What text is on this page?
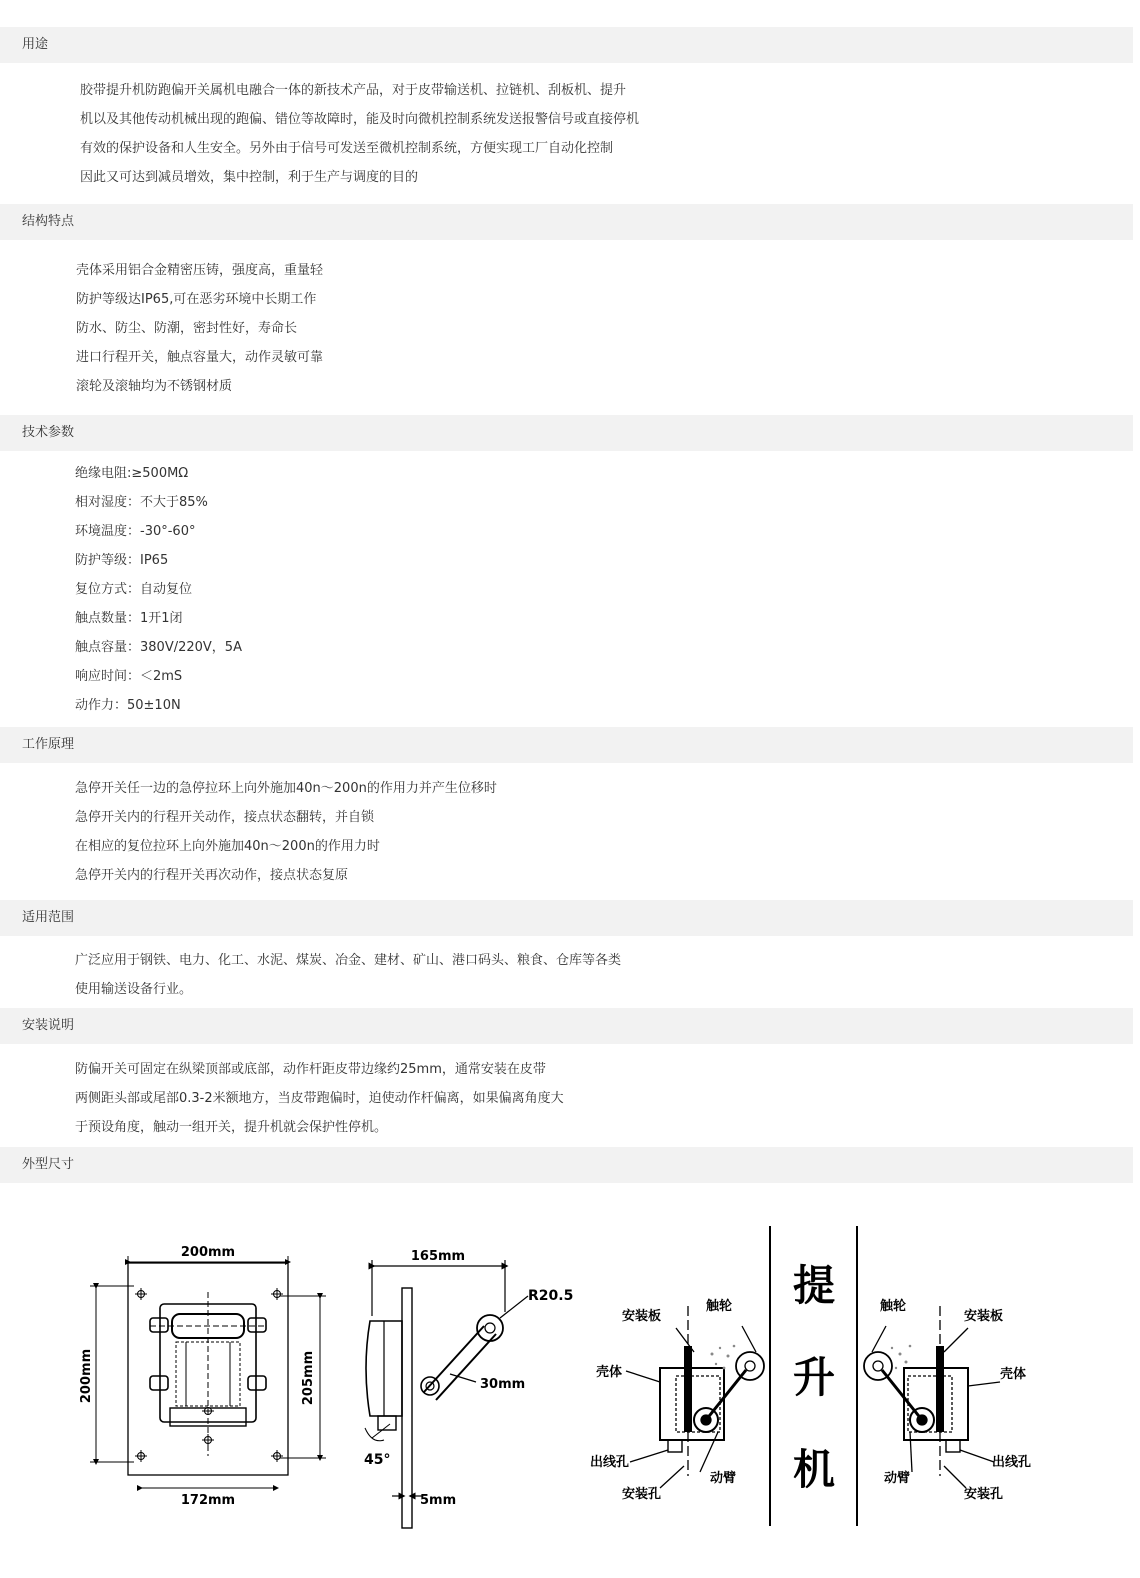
用途
胶带提升机防跑偏开关属机电融合一体的新技术产品，对于皮带输送机、拉链机、刮板机、提升
机以及其他传动机械出现的跑偏、错位等故障时，能及时向微机控制系统发送报警信号或直接停机
有效的保护设备和人生安全。另外由于信号可发送至微机控制系统，方便实现工厂自动化控制
因此又可达到减员增效，集中控制，利于生产与调度的目的
结构特点
壳体采用铝合金精密压铸，强度高，重量轻
防护等级达IP65,可在恶劣环境中长期工作
防水、防尘、防潮，密封性好，寿命长
进口行程开关，触点容量大，动作灵敏可靠
滚轮及滚轴均为不锈钢材质
技术参数
绝缘电阻:≥500MΩ
相对湿度：不大于85%
环境温度：-30°-60°
防护等级：IP65
复位方式：自动复位
触点数量：1开1闭
触点容量：380V/220V，5A
响应时间：＜2mS
动作力：50±10N
工作原理
急停开关任一边的急停拉环上向外施加40n～200n的作用力并产生位移时
急停开关内的行程开关动作，接点状态翻转，并自锁
在相应的复位拉环上向外施加40n～200n的作用力时
急停开关内的行程开关再次动作，接点状态复原
适用范围
广泛应用于钢铁、电力、化工、水泥、煤炭、冶金、建材、矿山、港口码头、粮食、仓库等各类
使用输送设备行业。
安装说明
防偏开关可固定在纵梁顶部或底部，动作杆距皮带边缘约25mm，通常安装在皮带
两侧距头部或尾部0.3-2米额地方，当皮带跑偏时，迫使动作杆偏离，如果偏离角度大
于预设角度，触动一组开关，提升机就会保护性停机。
外型尺寸
200mm
200mm	205mm
172mm
165mm
R20.5
30mm
45°
5mm
安装板
触轮
壳体
出线孔
动臂
安装孔
提
升
机
触轮
安装板
壳体
动臂
出线孔
安装孔
